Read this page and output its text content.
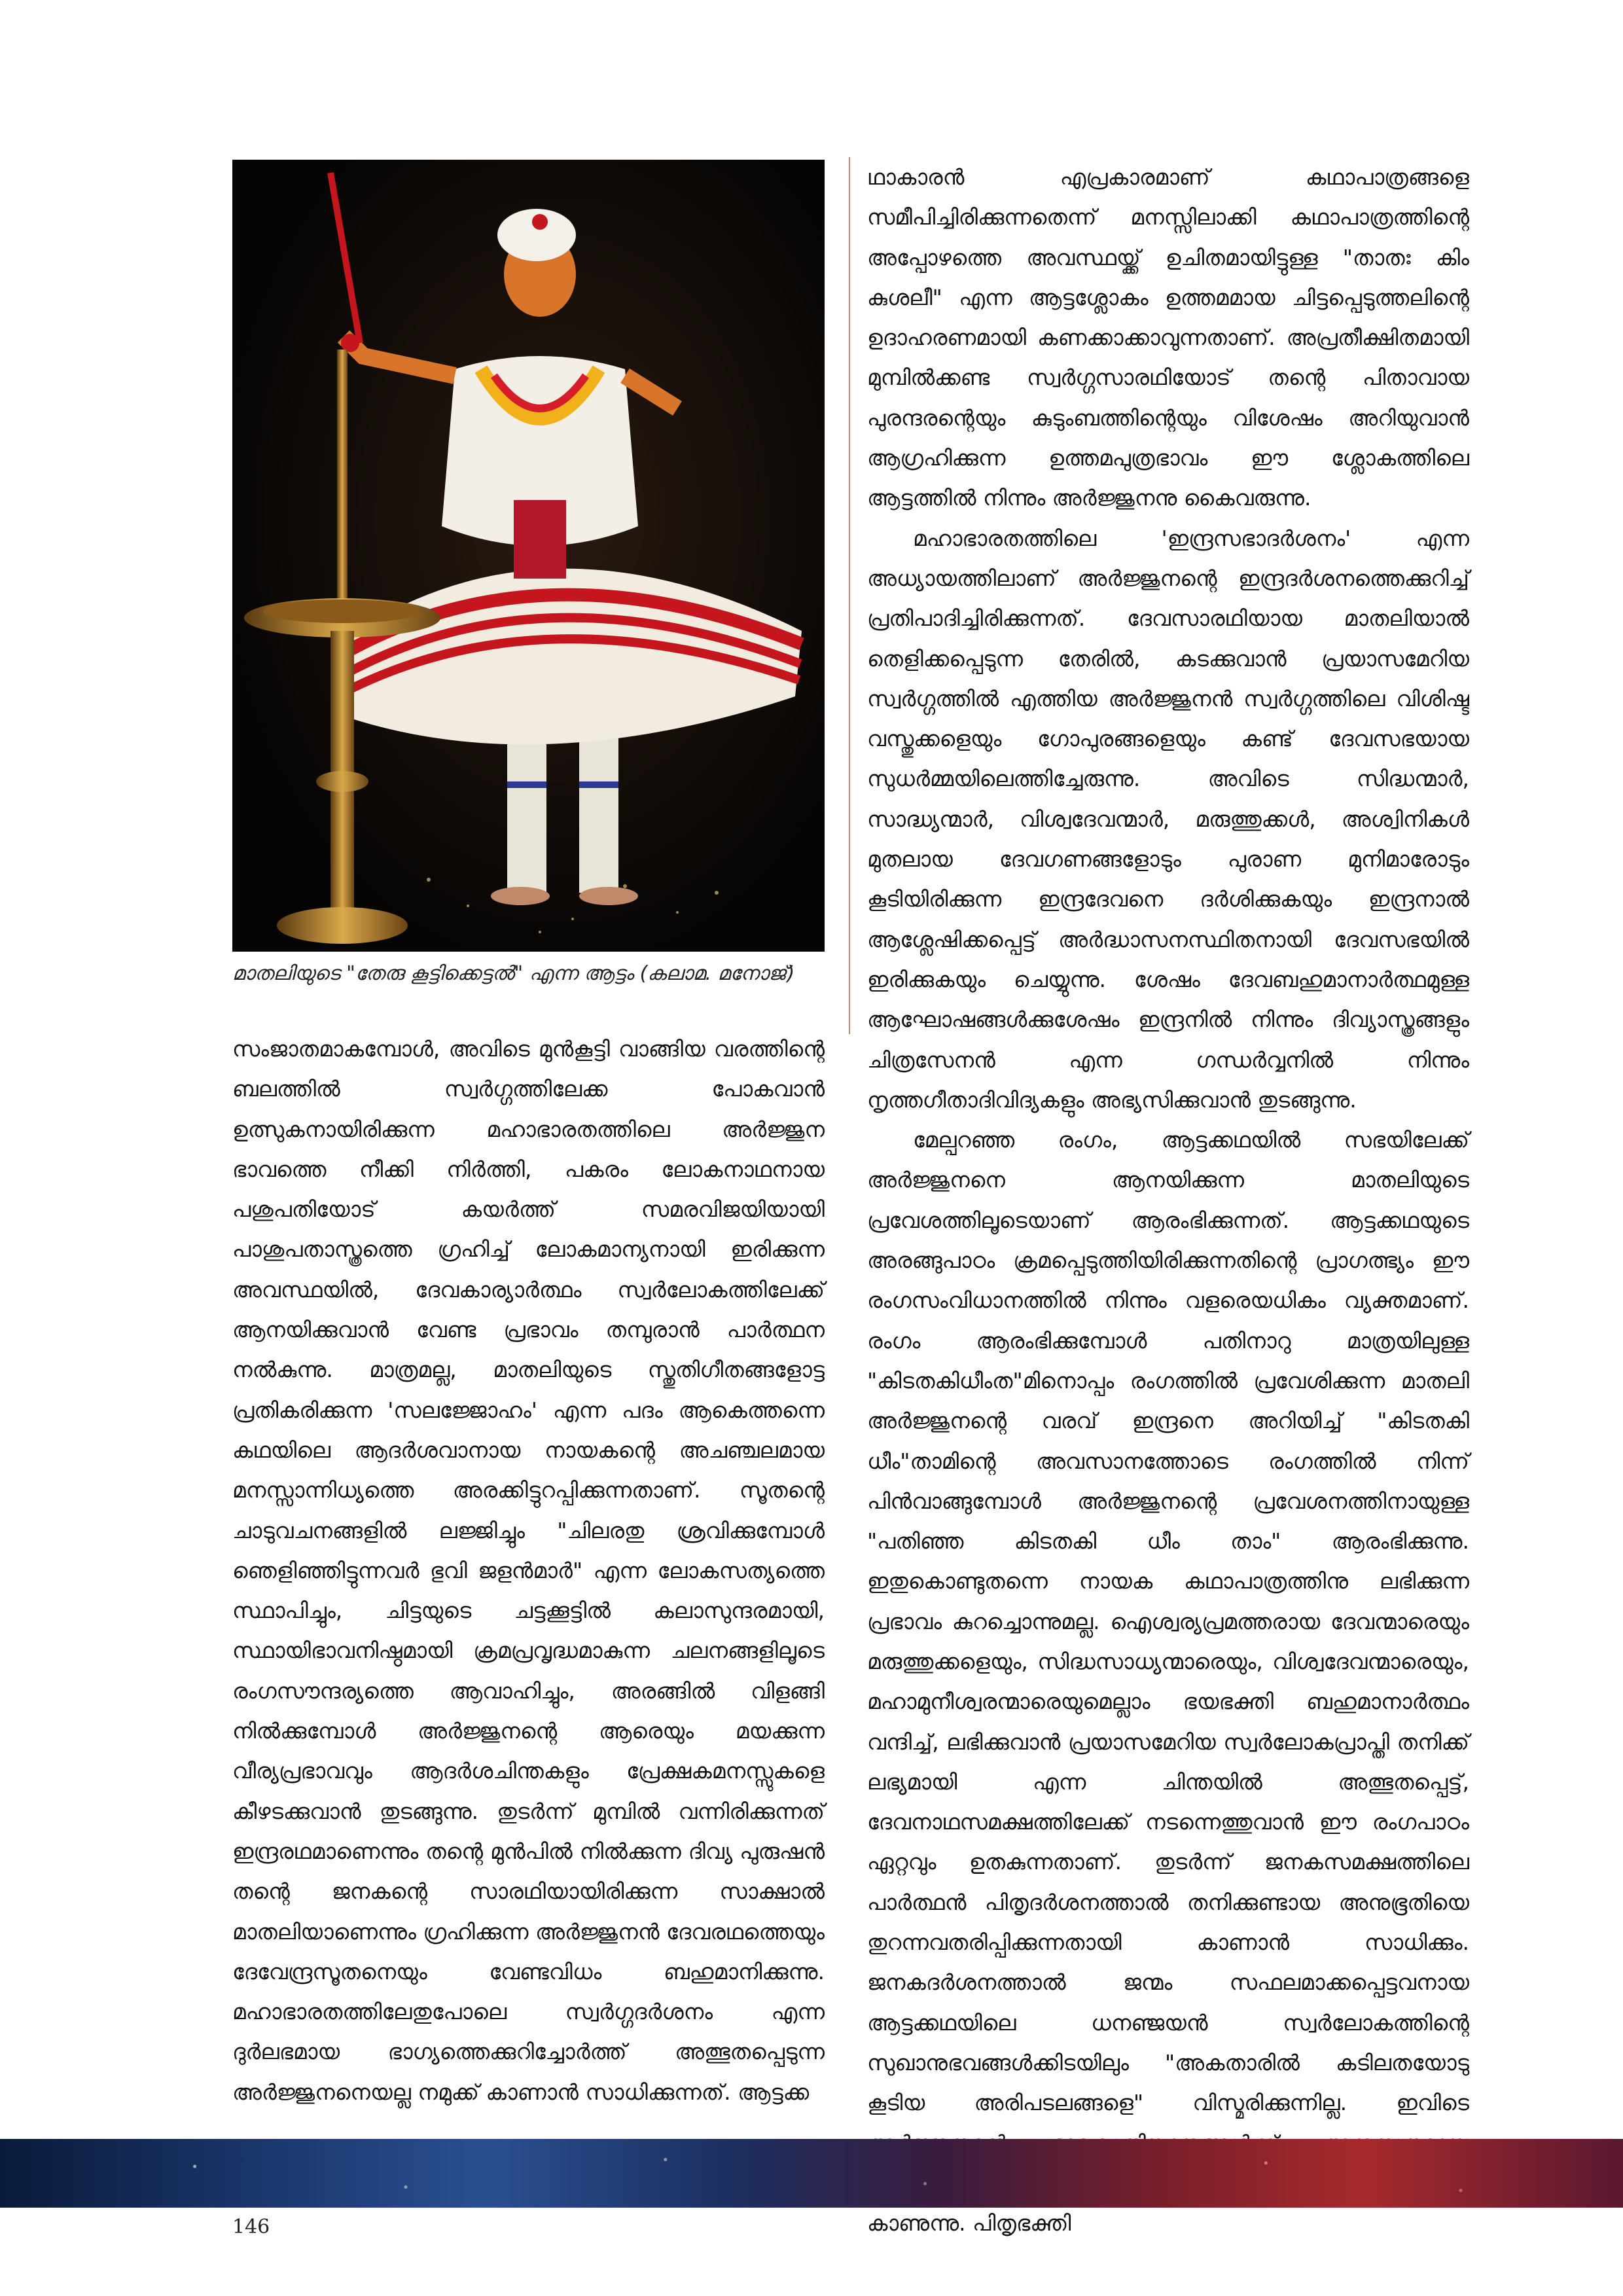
മാതലിയുടെ "തേരു കൂട്ടിക്കെട്ടൽ" എന്ന ആട്ടം (കലാമ. മനോജ്)

സംജാതമാകമ്പോൾ, അവിടെ മുൻകൂട്ടി വാങ്ങിയ വരത്തിന്റെ ബലത്തിൽ സ്വർഗ്ഗത്തിലേക്ക പോകവാൻ ഉത്സുകനായിരിക്കുന്ന മഹാഭാരതത്തിലെ അർജ്ജുന ഭാവത്തെ നീക്കി നിർത്തി, പകരം ലോകനാഥനായ പശുപതിയോട് കയർത്ത് സമരവിജയിയായി പാശുപതാസ്ത്രത്തെ ഗ്രഹിച്ച് ലോകമാന്യനായി ഇരിക്കുന്ന അവസ്ഥയിൽ, ദേവകാര്യാർത്ഥം സ്വർലോകത്തിലേക്ക് ആനയിക്കുവാൻ വേണ്ട പ്രഭാവം തമ്പുരാൻ പാർത്ഥന നൽകുന്നു. മാത്രമല്ല, മാതലിയുടെ സ്തുതിഗീതങ്ങളോട്ട പ്രതികരിക്കുന്ന 'സലജ്ജോഹം' എന്ന പദം ആകെത്തന്നെ കഥയിലെ ആദർശവാനായ നായകന്റെ അചഞ്ചലമായ മനസ്സാന്നിധ്യത്തെ അരക്കിട്ടുറപ്പിക്കുന്നതാണ്. സൂതന്റെ ചാടുവചനങ്ങളിൽ ലജ്ജിച്ചും "ചിലരതു ശ്രവിക്കുമ്പോൾ ഞെളിഞ്ഞിട്ടുന്നവർ ഭുവി ജളൻമാർ" എന്ന ലോകസത്യത്തെ സ്ഥാപിച്ചും, ചിട്ടയുടെ ചട്ടക്കൂട്ടിൽ കലാസുന്ദരമായി, സ്ഥായിഭാവനിഷ്ഠമായി ക്രമപ്രവൃദ്ധമാകുന്ന ചലനങ്ങളിലൂടെ രംഗസൗന്ദര്യത്തെ ആവാഹിച്ചും, അരങ്ങിൽ വിളങ്ങി നിൽക്കുമ്പോൾ അർജ്ജുനന്റെ ആരെയും മയക്കുന്ന വീര്യപ്രഭാവവും ആദർശചിന്തകളും പ്രേക്ഷകമനസ്സുകളെ കീഴടക്കുവാൻ തുടങ്ങുന്നു. തുടർന്ന് മുമ്പിൽ വന്നിരിക്കുന്നത് ഇന്ദ്രരഥമാണെന്നും തന്റെ മുൻപിൽ നിൽക്കുന്ന ദിവ്യ പുരുഷൻ തന്റെ ജനകന്റെ സാരഥിയായിരിക്കുന്ന സാക്ഷാൽ മാതലിയാണെന്നും ഗ്രഹിക്കുന്ന അർജ്ജുനൻ ദേവരഥത്തെയും ദേവേന്ദ്രസൂതനെയും വേണ്ടവിധം ബഹുമാനിക്കുന്നു. മഹാഭാരതത്തിലേതുപോലെ സ്വർഗ്ഗദർശനം എന്ന ദുർലഭമായ ഭാഗ്യത്തെക്കുറിച്ചോർത്ത് അത്ഭുതപ്പെടുന്ന അർജ്ജുനനെയല്ല നമുക്ക് കാണാൻ സാധിക്കുന്നത്. ആട്ടക്ക

ഥാകാരൻ എപ്രകാരമാണ് കഥാപാത്രങ്ങളെ സമീപിച്ചിരിക്കുന്നതെന്ന് മനസ്സിലാക്കി കഥാപാത്രത്തിന്റെ അപ്പോഴത്തെ അവസ്ഥയ്ക്ക് ഉചിതമായിട്ടുള്ള "താതഃ കിം കുശലീ" എന്ന ആട്ടശ്ലോകം ഉത്തമമായ ചിട്ടപ്പെടുത്തലിന്റെ ഉദാഹരണമായി കണക്കാക്കാവുന്നതാണ്. അപ്രതീക്ഷിതമായി മുമ്പിൽക്കണ്ട സ്വർഗ്ഗസാരഥിയോട് തന്റെ പിതാവായ പുരന്ദരന്റെയും കുടുംബത്തിന്റെയും വിശേഷം അറിയുവാൻ ആഗ്രഹിക്കുന്ന ഉത്തമപുത്രഭാവം ഈ ശ്ലോകത്തിലെ ആട്ടത്തിൽ നിന്നും അർജ്ജുനനു കൈവരുന്നു.

മഹാഭാരതത്തിലെ 'ഇന്ദ്രസഭാദർശനം' എന്ന അധ്യായത്തിലാണ് അർജ്ജുനന്റെ ഇന്ദ്രദർശനത്തെക്കുറിച്ച് പ്രതിപാദിച്ചിരിക്കുന്നത്. ദേവസാരഥിയായ മാതലിയാൽ തെളിക്കപ്പെടുന്ന തേരിൽ, കടക്കുവാൻ പ്രയാസമേറിയ സ്വർഗ്ഗത്തിൽ എത്തിയ അർജ്ജുനൻ സ്വർഗ്ഗത്തിലെ വിശിഷ്ട വസ്തുക്കളെയും ഗോപുരങ്ങളെയും കണ്ട് ദേവസഭയായ സുധർമ്മയിലെത്തിച്ചേരുന്നു. അവിടെ സിദ്ധന്മാർ, സാദ്ധ്യന്മാർ, വിശ്വദേവന്മാർ, മരുത്തുക്കൾ, അശ്വിനികൾ മുതലായ ദേവഗണങ്ങളോടും പുരാണ മുനിമാരോടും കൂടിയിരിക്കുന്ന ഇന്ദ്രദേവനെ ദർശിക്കുകയും ഇന്ദ്രനാൽ ആശ്ലേഷിക്കപ്പെട്ട് അർദ്ധാസനസ്ഥിതനായി ദേവസഭയിൽ ഇരിക്കുകയും ചെയ്യുന്നു. ശേഷം ദേവബഹുമാനാർത്ഥമുള്ള ആഘോഷങ്ങൾക്കുശേഷം ഇന്ദ്രനിൽ നിന്നും ദിവ്യാസ്ത്രങ്ങളും ചിത്രസേനൻ എന്ന ഗന്ധർവ്വനിൽ നിന്നും നൃത്തഗീതാദിവിദ്യകളും അഭ്യസിക്കുവാൻ തുടങ്ങുന്നു.

മേല്പറഞ്ഞ രംഗം, ആട്ടക്കഥയിൽ സഭയിലേക്ക് അർജ്ജുനനെ ആനയിക്കുന്ന മാതലിയുടെ പ്രവേശത്തിലൂടെയാണ് ആരംഭിക്കുന്നത്. ആട്ടക്കഥയുടെ അരങ്ങുപാഠം ക്രമപ്പെടുത്തിയിരിക്കുന്നതിന്റെ പ്രാഗത്ഭ്യം ഈ രംഗസംവിധാനത്തിൽ നിന്നും വളരെയധികം വ്യക്തമാണ്. രംഗം ആരംഭിക്കുമ്പോൾ പതിനാറു മാത്രയിലുള്ള "കിടതകിധീംത"മിനൊപ്പം രംഗത്തിൽ പ്രവേശിക്കുന്ന മാതലി അർജ്ജുനന്റെ വരവ് ഇന്ദ്രനെ അറിയിച്ച് "കിടതകി ധീം"താമിന്റെ അവസാനത്തോടെ രംഗത്തിൽ നിന്ന് പിൻവാങ്ങുമ്പോൾ അർജ്ജുനന്റെ പ്രവേശനത്തിനായുള്ള "പതിഞ്ഞ കിടതകി ധീം താം" ആരംഭിക്കുന്നു. ഇതുകൊണ്ടുതന്നെ നായക കഥാപാത്രത്തിനു ലഭിക്കുന്ന പ്രഭാവം കുറച്ചൊന്നുമല്ല. ഐശ്വര്യപ്രമത്തരായ ദേവന്മാരെയും മരുത്തുക്കളെയും, സിദ്ധസാധ്യന്മാരെയും, വിശ്വദേവന്മാരെയും, മഹാമുനീശ്വരന്മാരെയുമെല്ലാം ഭയഭക്തി ബഹുമാനാർത്ഥം വന്ദിച്ച്, ലഭിക്കുവാൻ പ്രയാസമേറിയ സ്വർലോകപ്രാപ്തി തനിക്ക് ലഭ്യമായി എന്ന ചിന്തയിൽ അത്ഭുതപ്പെട്ട്, ദേവനാഥസമക്ഷത്തിലേക്ക് നടന്നെത്തുവാൻ ഈ രംഗപാഠം ഏറ്റവും ഉതകുന്നതാണ്. തുടർന്ന് ജനകസമക്ഷത്തിലെ പാർത്ഥൻ പിതൃദർശനത്താൽ തനിക്കുണ്ടായ അനുഭൂതിയെ തുറന്നവതരിപ്പിക്കുന്നതായി കാണാൻ സാധിക്കും. ജനകദർശനത്താൽ ജന്മം സഫലമാക്കപ്പെട്ടവനായ ആട്ടക്കഥയിലെ ധനഞ്ജയൻ സ്വർലോകത്തിന്റെ സുഖാനുഭവങ്ങൾക്കിടയിലും "അകതാരിൽ കടിലതയോടു കൂടിയ അരിപടലങ്ങളെ" വിസ്മരിക്കുന്നില്ല. ഇവിടെ കാണുന്നു. പിതൃഭക്തി

146
